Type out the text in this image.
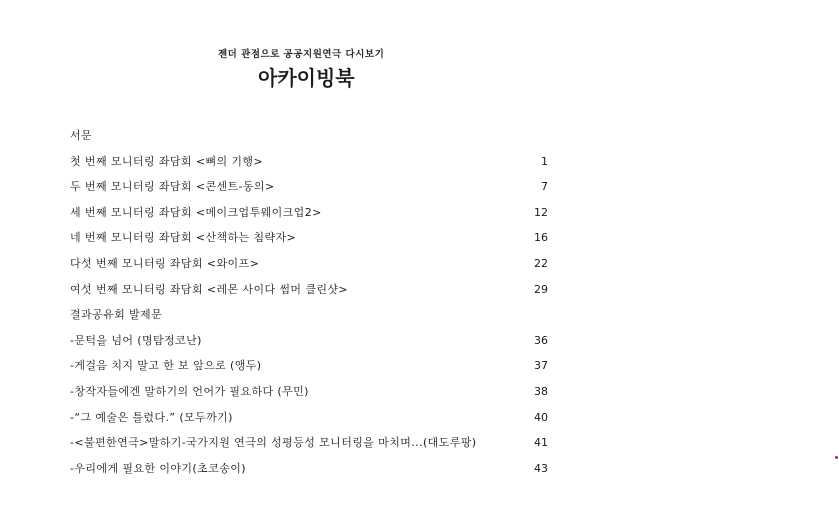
젠더 관점으로 공공지원연극 다시보기
아카이빙북
서문
첫 번째 모니터링 좌담회 <뼈의 기행>	1
두 번째 모니터링 좌담회 <콘센트-동의>	7
세 번째 모니터링 좌담회 <메이크업투웨이크업2>	12
네 번째 모니터링 좌담회 <산책하는 침략자>	16
다섯 번째 모니터링 좌담회 <와이프>	22
여섯 번째 모니터링 좌담회 <레몬 사이다 썸머 클린샷>	29
결과공유회 발제문
-문턱을 넘어 (명탐정코난)	36
-게걸음 치지 말고 한 보 앞으로 (앵두)	37
-창작자들에겐 말하기의 언어가 필요하다 (무민)	38
-“그 예술은 틀렸다.” (모두까기)	40
-<불편한연극>말하기-국가지원 연극의 성평등성 모니터링을 마치며...(대도루팡)	41
-우리에게 필요한 이야기(초코송이)	43
